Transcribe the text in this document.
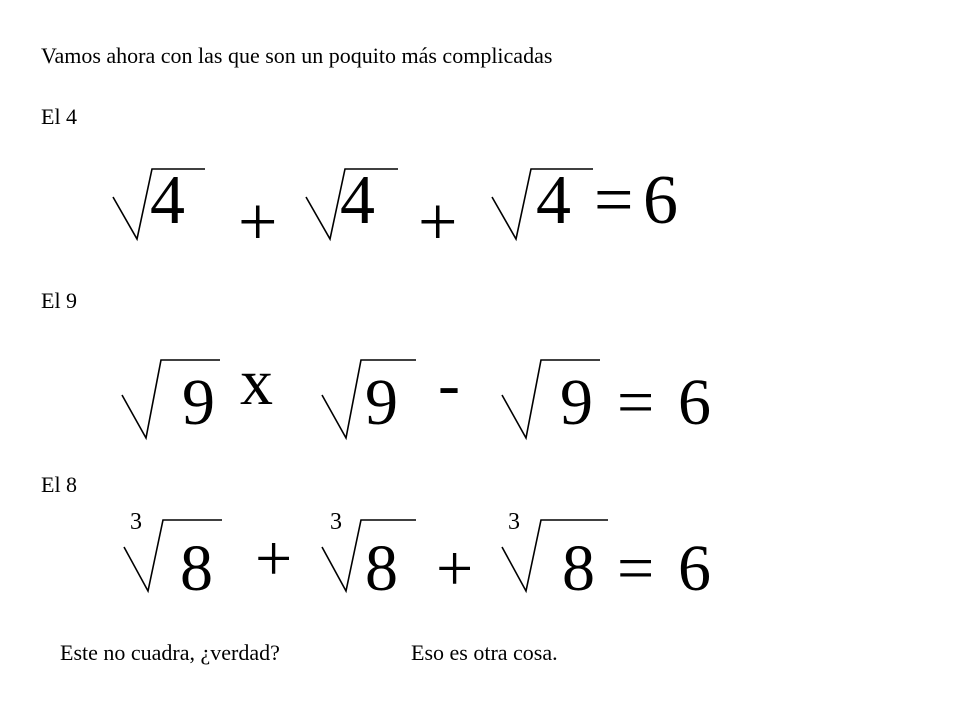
Vamos ahora con las que son un poquito más complicadas
El 4
4 + 4 + 4 = 6
El 9
9 x 9 - 9 = 6
El 8
3	3	3
8 + 8 + 8 = 6
Este no cuadra, ¿verdad?	Eso es otra cosa.
